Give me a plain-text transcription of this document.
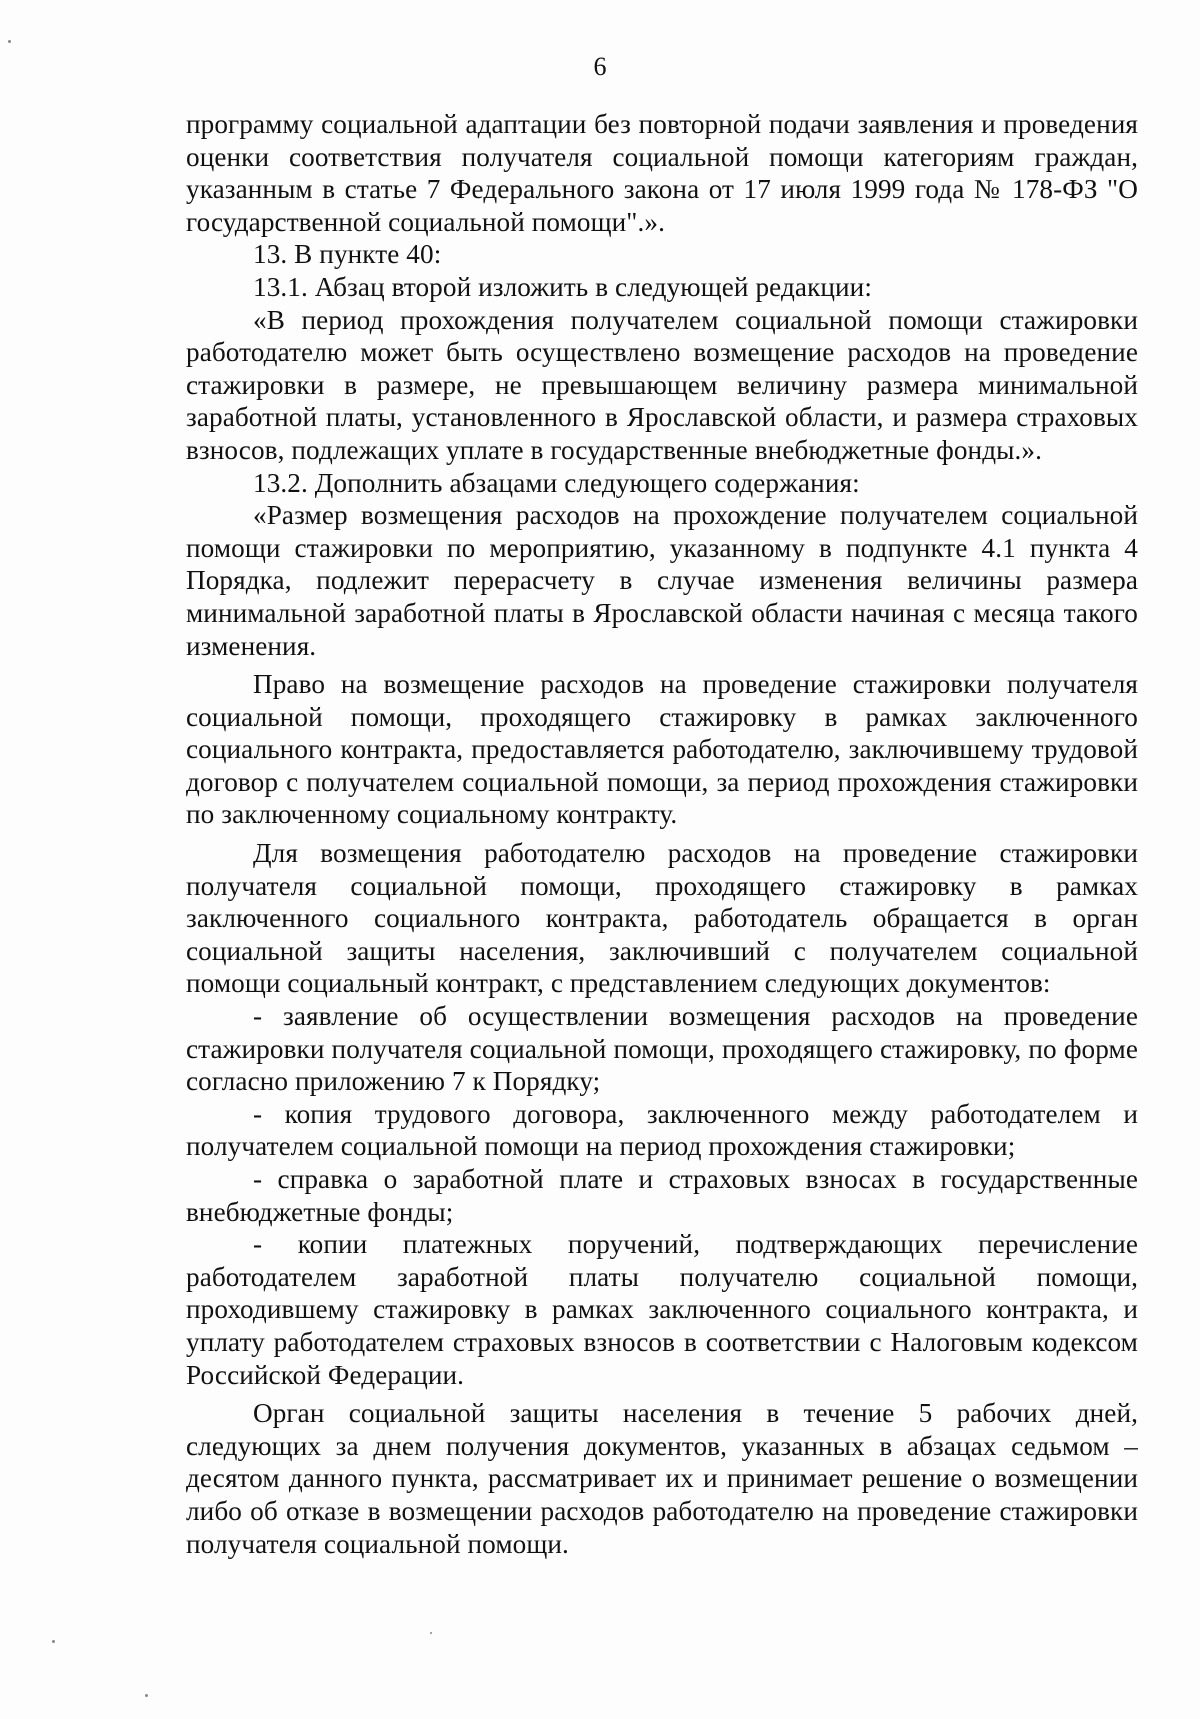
6

программу социальной адаптации без повторной подачи заявления и проведения оценки соответствия получателя социальной помощи категориям граждан, указанным в статье 7 Федерального закона от 17 июля 1999 года № 178-ФЗ "О государственной социальной помощи".».

13. В пункте 40:

13.1. Абзац второй изложить в следующей редакции:

«В период прохождения получателем социальной помощи стажировки работодателю может быть осуществлено возмещение расходов на проведение стажировки в размере, не превышающем величину размера минимальной заработной платы, установленного в Ярославской области, и размера страховых взносов, подлежащих уплате в государственные внебюджетные фонды.».

13.2. Дополнить абзацами следующего содержания:

«Размер возмещения расходов на прохождение получателем социальной помощи стажировки по мероприятию, указанному в подпункте 4.1 пункта 4 Порядка, подлежит перерасчету в случае изменения величины размера минимальной заработной платы в Ярославской области начиная с месяца такого изменения.

Право на возмещение расходов на проведение стажировки получателя социальной помощи, проходящего стажировку в рамках заключенного социального контракта, предоставляется работодателю, заключившему трудовой договор с получателем социальной помощи, за период прохождения стажировки по заключенному социальному контракту.

Для возмещения работодателю расходов на проведение стажировки получателя социальной помощи, проходящего стажировку в рамках заключенного социального контракта, работодатель обращается в орган социальной защиты населения, заключивший с получателем социальной помощи социальный контракт, с представлением следующих документов:

- заявление об осуществлении возмещения расходов на проведение стажировки получателя социальной помощи, проходящего стажировку, по форме согласно приложению 7 к Порядку;

- копия трудового договора, заключенного между работодателем и получателем социальной помощи на период прохождения стажировки;

- справка о заработной плате и страховых взносах в государственные внебюджетные фонды;

- копии платежных поручений, подтверждающих перечисление работодателем заработной платы получателю социальной помощи, проходившему стажировку в рамках заключенного социального контракта, и уплату работодателем страховых взносов в соответствии с Налоговым кодексом Российской Федерации.

Орган социальной защиты населения в течение 5 рабочих дней, следующих за днем получения документов, указанных в абзацах седьмом – десятом данного пункта, рассматривает их и принимает решение о возмещении либо об отказе в возмещении расходов работодателю на проведение стажировки получателя социальной помощи.
